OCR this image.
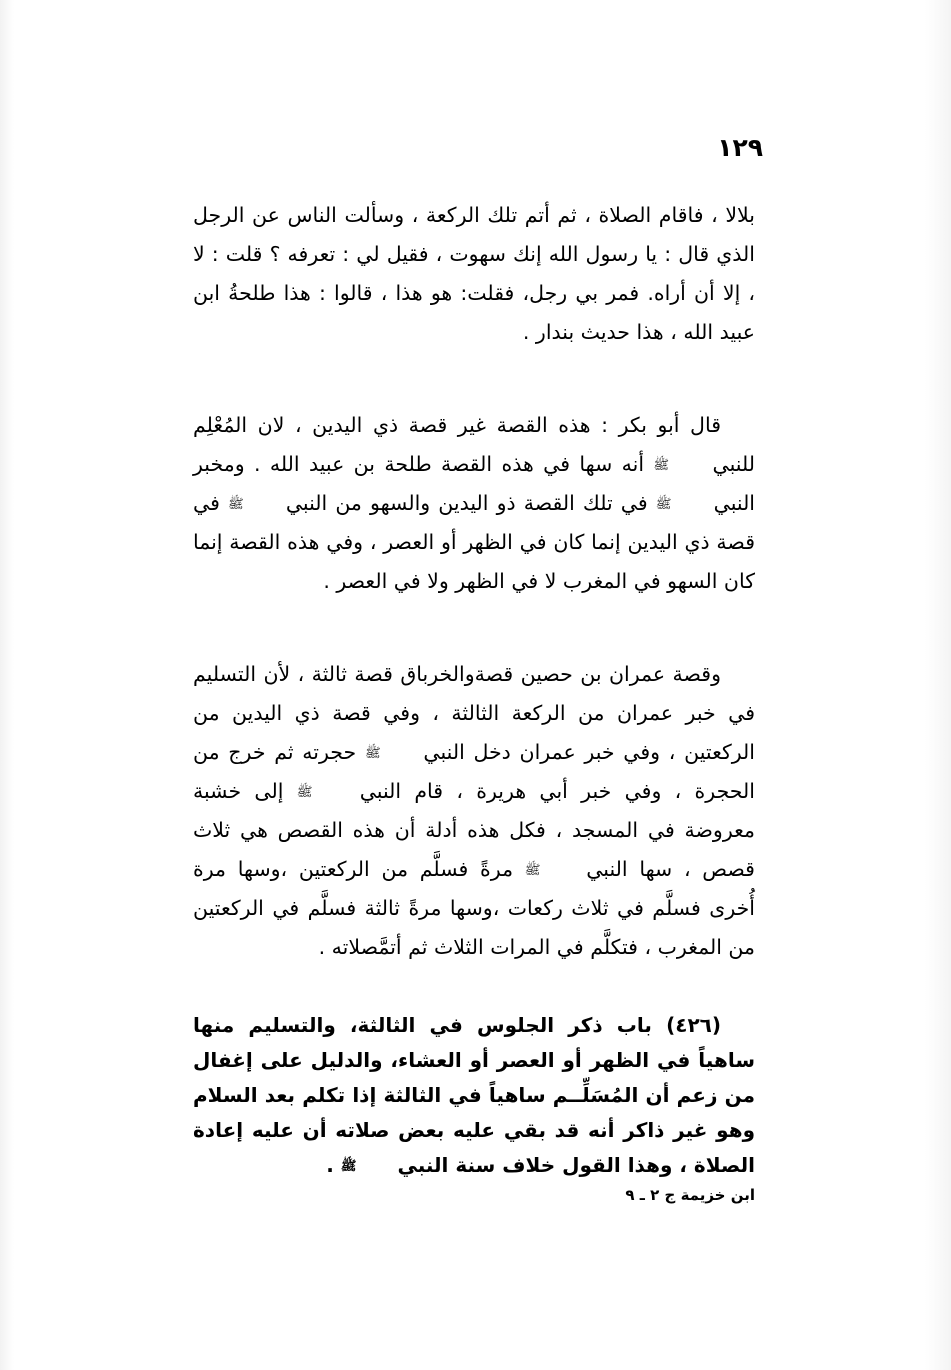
١٢٩

بلالا ، فاقام الصلاة ، ثم أتم تلك الركعة ، وسألت الناس عن الرجل الذي قال : يا رسول الله إنك سهوت ، فقيل لي : تعرفه ؟ قلت : لا ، إلا أن أراه. فمر بي رجل، فقلت: هو هذا ، قالوا : هذا طلحةُ ابن عبيد الله ، هذا حديث بندار .

قال أبو بكر : هذه القصة غير قصة ذي اليدين ، لان المُعْلِم للنبي ﷺ أنه سها في هذه القصة طلحة بن عبيد الله . ومخبر النبي ﷺ في تلك القصة ذو اليدين والسهو من النبي ﷺ في قصة ذي اليدين إنما كان في الظهر أو العصر ، وفي هذه القصة إنما كان السهو في المغرب لا في الظهر ولا في العصر .

وقصة عمران بن حصين قصةوالخرباق قصة ثالثة ، لأن التسليم في خبر عمران من الركعة الثالثة ، وفي قصة ذي اليدين من الركعتين ، وفي خبر عمران دخل النبي ﷺ حجرته ثم خرج من الحجرة ، وفي خبر أبي هريرة ، قام النبي ﷺ إلى خشبة معروضة في المسجد ، فكل هذه أدلة أن هذه القصص هي ثلاث قصص ، سها النبي ﷺ مرةً فسلَّم من الركعتين ،وسها مرة أُخرى فسلَّم في ثلاث ركعات ،وسها مرةً ثالثة فسلَّم في الركعتين من المغرب ، فتكلَّم في المرات الثلاث ثم أتمَّصلاته .

(٤٢٦) باب ذكر الجلوس في الثالثة، والتسليم منها ساهياً في الظهر أو العصر أو العشاء، والدليل على إغفال من زعم أن المُسَلِّــم ساهياً في الثالثة إذا تكلم بعد السلام وهو غير ذاكر أنه قد بقي عليه بعض صلاته أن عليه إعادة الصلاة ، وهذا القول خلاف سنة النبي ﷺ .

ابن خزيمة ج ٢ ـ ٩
